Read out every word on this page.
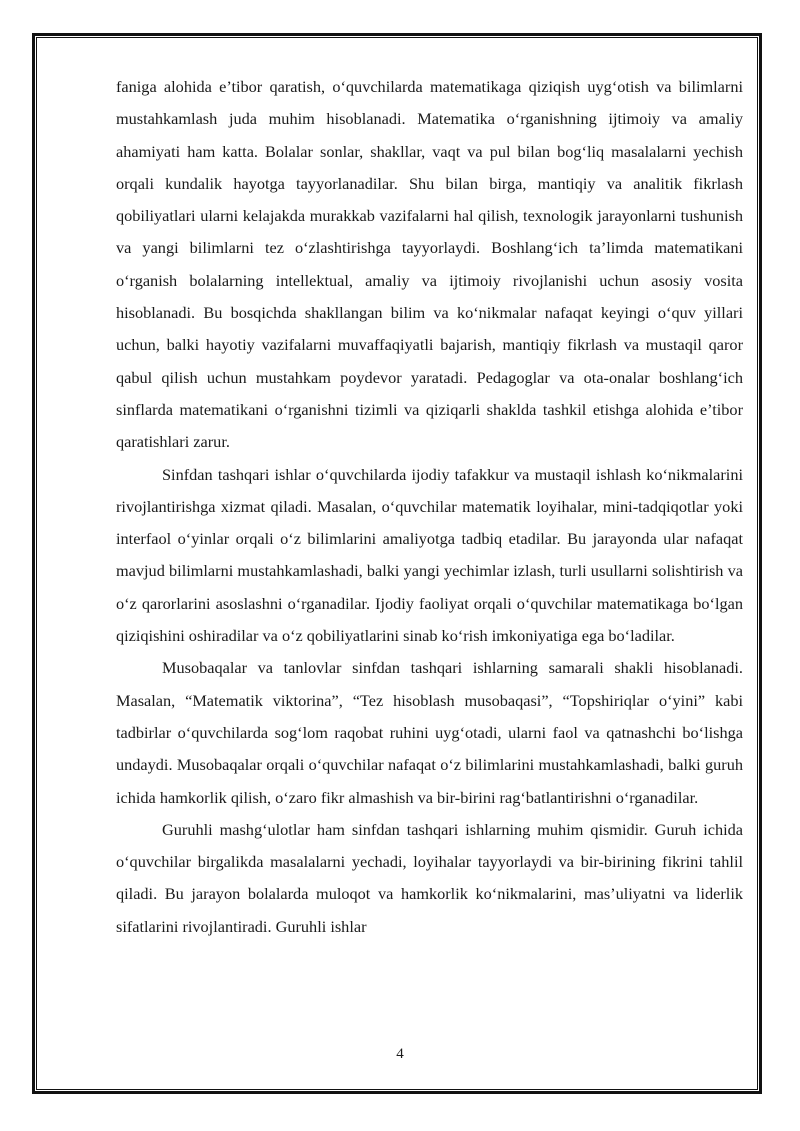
faniga alohida e’tibor qaratish, o‘quvchilarda matematikaga qiziqish uyg‘otish va bilimlarni mustahkamlash juda muhim hisoblanadi. Matematika o‘rganishning ijtimoiy va amaliy ahamiyati ham katta. Bolalar sonlar, shakllar, vaqt va pul bilan bog‘liq masalalarni yechish orqali kundalik hayotga tayyorlanadilar. Shu bilan birga, mantiqiy va analitik fikrlash qobiliyatlari ularni kelajakda murakkab vazifalarni hal qilish, texnologik jarayonlarni tushunish va yangi bilimlarni tez o‘zlashtirishga tayyorlaydi. Boshlang‘ich ta’limda matematikani o‘rganish bolalarning intellektual, amaliy va ijtimoiy rivojlanishi uchun asosiy vosita hisoblanadi. Bu bosqichda shakllangan bilim va ko‘nikmalar nafaqat keyingi o‘quv yillari uchun, balki hayotiy vazifalarni muvaffaqiyatli bajarish, mantiqiy fikrlash va mustaqil qaror qabul qilish uchun mustahkam poydevor yaratadi. Pedagoglar va ota-onalar boshlang‘ich sinflarda matematikani o‘rganishni tizimli va qiziqarli shaklda tashkil etishga alohida e’tibor qaratishlari zarur.

Sinfdan tashqari ishlar o‘quvchilarda ijodiy tafakkur va mustaqil ishlash ko‘nikmalarini rivojlantirishga xizmat qiladi. Masalan, o‘quvchilar matematik loyihalar, mini-tadqiqotlar yoki interfaol o‘yinlar orqali o‘z bilimlarini amaliyotga tadbiq etadilar. Bu jarayonda ular nafaqat mavjud bilimlarni mustahkamlashadi, balki yangi yechimlar izlash, turli usullarni solishtirish va o‘z qarorlarini asoslashni o‘rganadilar. Ijodiy faoliyat orqali o‘quvchilar matematikaga bo‘lgan qiziqishini oshiradilar va o‘z qobiliyatlarini sinab ko‘rish imkoniyatiga ega bo‘ladilar.

Musobaqalar va tanlovlar sinfdan tashqari ishlarning samarali shakli hisoblanadi. Masalan, “Matematik viktorina”, “Tez hisoblash musobaqasi”, “Topshiriqlar o‘yini” kabi tadbirlar o‘quvchilarda sog‘lom raqobat ruhini uyg‘otadi, ularni faol va qatnashchi bo‘lishga undaydi. Musobaqalar orqali o‘quvchilar nafaqat o‘z bilimlarini mustahkamlashadi, balki guruh ichida hamkorlik qilish, o‘zaro fikr almashish va bir-birini rag‘batlantirishni o‘rganadilar.

Guruhli mashg‘ulotlar ham sinfdan tashqari ishlarning muhim qismidir. Guruh ichida o‘quvchilar birgalikda masalalarni yechadi, loyihalar tayyorlaydi va bir-birining fikrini tahlil qiladi. Bu jarayon bolalarda muloqot va hamkorlik ko‘nikmalarini, mas’uliyatni va liderlik sifatlarini rivojlantiradi. Guruhli ishlar

4
